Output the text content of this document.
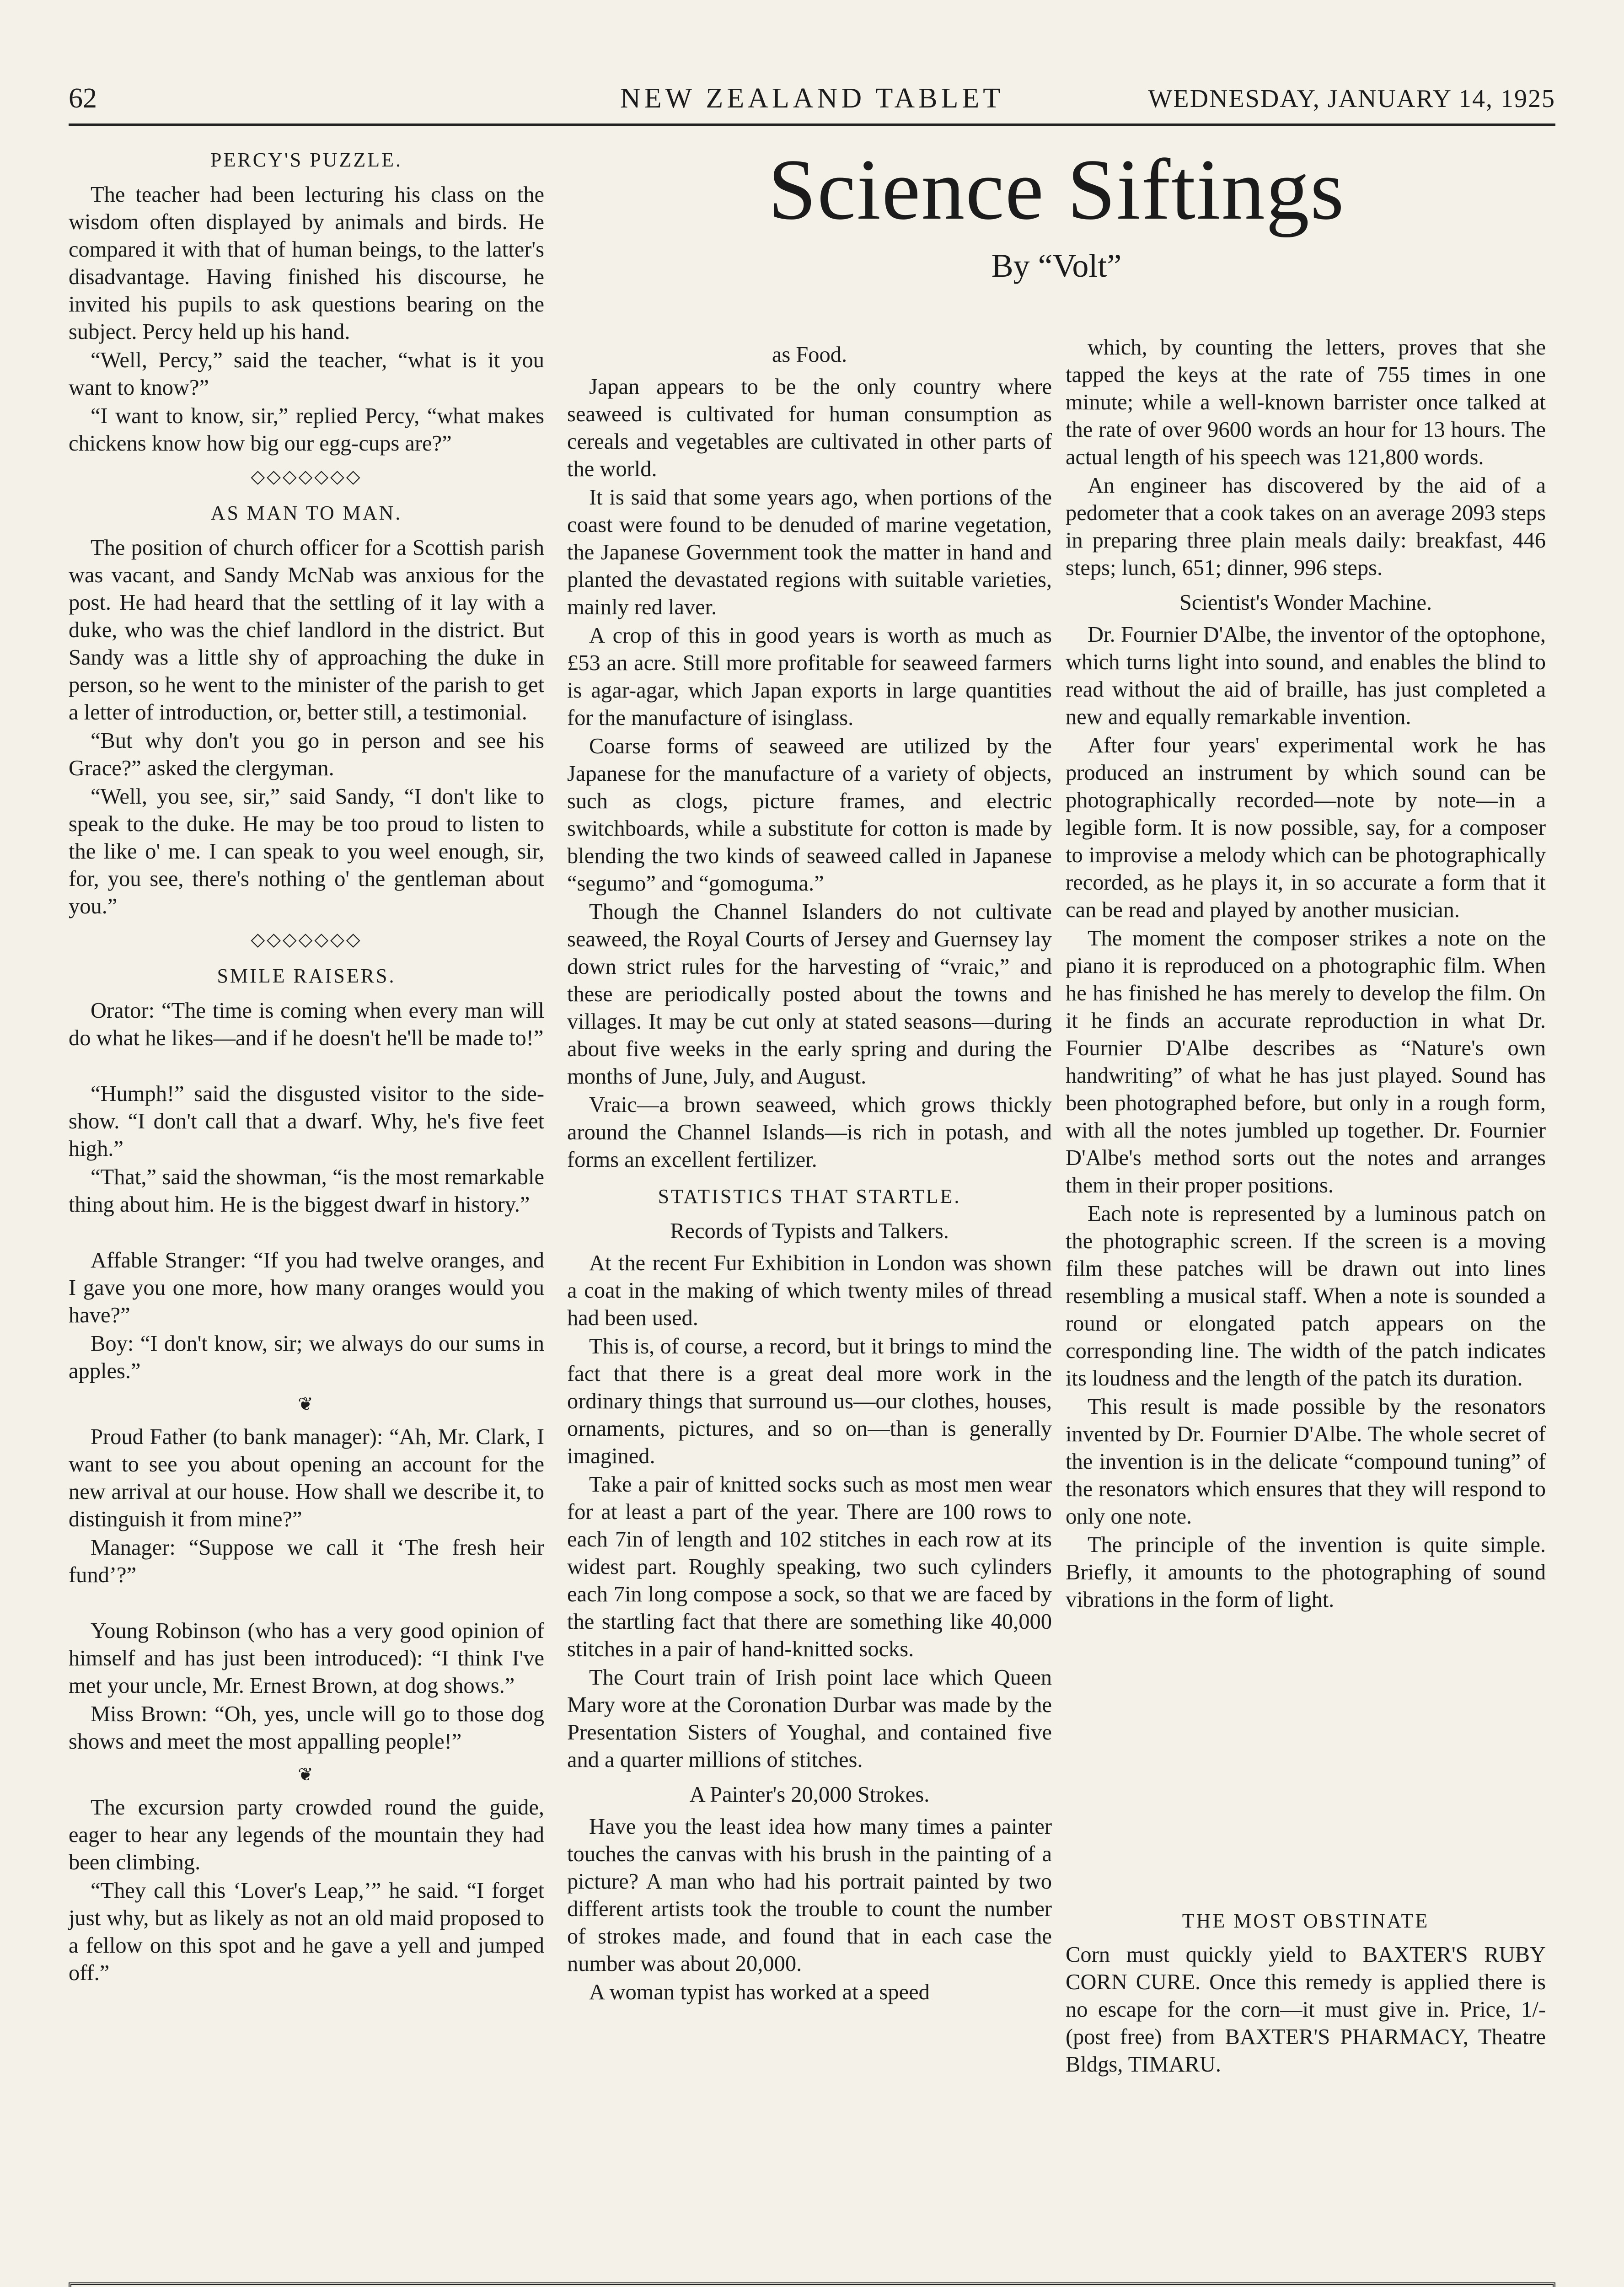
62	NEW ZEALAND TABLET	WEDNESDAY, JANUARY 14, 1925

PERCY'S PUZZLE.

The teacher had been lecturing his class on the wisdom often displayed by animals and birds. He compared it with that of human beings, to the latter's disadvantage. Having finished his discourse, he invited his pupils to ask questions bearing on the subject. Percy held up his hand.

“Well, Percy,” said the teacher, “what is it you want to know?”

“I want to know, sir,” replied Percy, “what makes chickens know how big our egg-cups are?”

◇◇◇◇◇◇◇

AS MAN TO MAN.

The position of church officer for a Scottish parish was vacant, and Sandy McNab was anxious for the post. He had heard that the settling of it lay with a duke, who was the chief landlord in the district. But Sandy was a little shy of approaching the duke in person, so he went to the minister of the parish to get a letter of introduction, or, better still, a testimonial.

“But why don't you go in person and see his Grace?” asked the clergyman.

“Well, you see, sir,” said Sandy, “I don't like to speak to the duke. He may be too proud to listen to the like o' me. I can speak to you weel enough, sir, for, you see, there's nothing o' the gentleman about you.”

◇◇◇◇◇◇◇

SMILE RAISERS.

Orator: “The time is coming when every man will do what he likes—and if he doesn't he'll be made to!”

“Humph!” said the disgusted visitor to the side-show. “I don't call that a dwarf. Why, he's five feet high.”

“That,” said the showman, “is the most remarkable thing about him. He is the biggest dwarf in history.”

Affable Stranger: “If you had twelve oranges, and I gave you one more, how many oranges would you have?”

Boy: “I don't know, sir; we always do our sums in apples.”

❦

Proud Father (to bank manager): “Ah, Mr. Clark, I want to see you about opening an account for the new arrival at our house. How shall we describe it, to distinguish it from mine?”

Manager: “Suppose we call it ‘The fresh heir fund’?”

Young Robinson (who has a very good opinion of himself and has just been introduced): “I think I've met your uncle, Mr. Ernest Brown, at dog shows.”

Miss Brown: “Oh, yes, uncle will go to those dog shows and meet the most appalling people!”

❦

The excursion party crowded round the guide, eager to hear any legends of the mountain they had been climbing.

“They call this ‘Lover's Leap,’” he said. “I forget just why, but as likely as not an old maid proposed to a fellow on this spot and he gave a yell and jumped off.”

Science Siftings
By “Volt”

as Food.

Japan appears to be the only country where seaweed is cultivated for human consumption as cereals and vegetables are cultivated in other parts of the world.

It is said that some years ago, when portions of the coast were found to be denuded of marine vegetation, the Japanese Government took the matter in hand and planted the devastated regions with suitable varieties, mainly red laver.

A crop of this in good years is worth as much as £53 an acre. Still more profitable for seaweed farmers is agar-agar, which Japan exports in large quantities for the manufacture of isinglass.

Coarse forms of seaweed are utilized by the Japanese for the manufacture of a variety of objects, such as clogs, picture frames, and electric switchboards, while a substitute for cotton is made by blending the two kinds of seaweed called in Japanese “segumo” and “gomoguma.”

Though the Channel Islanders do not cultivate seaweed, the Royal Courts of Jersey and Guernsey lay down strict rules for the harvesting of “vraic,” and these are periodically posted about the towns and villages. It may be cut only at stated seasons—during about five weeks in the early spring and during the months of June, July, and August.

Vraic—a brown seaweed, which grows thickly around the Channel Islands—is rich in potash, and forms an excellent fertilizer.

STATISTICS THAT STARTLE.

Records of Typists and Talkers.

At the recent Fur Exhibition in London was shown a coat in the making of which twenty miles of thread had been used.

This is, of course, a record, but it brings to mind the fact that there is a great deal more work in the ordinary things that surround us—our clothes, houses, ornaments, pictures, and so on—than is generally imagined.

Take a pair of knitted socks such as most men wear for at least a part of the year. There are 100 rows to each 7in of length and 102 stitches in each row at its widest part. Roughly speaking, two such cylinders each 7in long compose a sock, so that we are faced by the startling fact that there are something like 40,000 stitches in a pair of hand-knitted socks.

The Court train of Irish point lace which Queen Mary wore at the Coronation Durbar was made by the Presentation Sisters of Youghal, and contained five and a quarter millions of stitches.

A Painter's 20,000 Strokes.

Have you the least idea how many times a painter touches the canvas with his brush in the painting of a picture? A man who had his portrait painted by two different artists took the trouble to count the number of strokes made, and found that in each case the number was about 20,000.

A woman typist has worked at a speed

which, by counting the letters, proves that she tapped the keys at the rate of 755 times in one minute; while a well-known barrister once talked at the rate of over 9600 words an hour for 13 hours. The actual length of his speech was 121,800 words.

An engineer has discovered by the aid of a pedometer that a cook takes on an average 2093 steps in preparing three plain meals daily: breakfast, 446 steps; lunch, 651; dinner, 996 steps.

Scientist's Wonder Machine.

Dr. Fournier D'Albe, the inventor of the optophone, which turns light into sound, and enables the blind to read without the aid of braille, has just completed a new and equally remarkable invention.

After four years' experimental work he has produced an instrument by which sound can be photographically recorded—note by note—in a legible form. It is now possible, say, for a composer to improvise a melody which can be photographically recorded, as he plays it, in so accurate a form that it can be read and played by another musician.

The moment the composer strikes a note on the piano it is reproduced on a photographic film. When he has finished he has merely to develop the film. On it he finds an accurate reproduction in what Dr. Fournier D'Albe describes as “Nature's own handwriting” of what he has just played. Sound has been photographed before, but only in a rough form, with all the notes jumbled up together. Dr. Fournier D'Albe's method sorts out the notes and arranges them in their proper positions.

Each note is represented by a luminous patch on the photographic screen. If the screen is a moving film these patches will be drawn out into lines resembling a musical staff. When a note is sounded a round or elongated patch appears on the corresponding line. The width of the patch indicates its loudness and the length of the patch its duration.

This result is made possible by the resonators invented by Dr. Fournier D'Albe. The whole secret of the invention is in the delicate “compound tuning” of the resonators which ensures that they will respond to only one note.

The principle of the invention is quite simple. Briefly, it amounts to the photographing of sound vibrations in the form of light.

THE MOST OBSTINATE

Corn must quickly yield to BAXTER'S RUBY CORN CURE. Once this remedy is applied there is no escape for the corn—it must give in. Price, 1/- (post free) from BAXTER'S PHARMACY, Theatre Bldgs, TIMARU.
